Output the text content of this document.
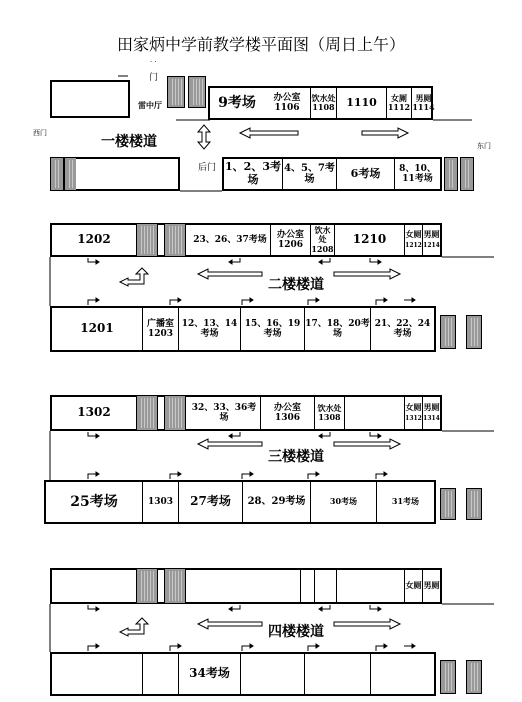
田家炳中学前教学楼平面图（周日上午）
· ·
门
雷中厅	9考场	办公室
1106
饮水处
1108	1110	女厕
1112
男厕
1114
西门
东门
一楼楼道
后门 1、2、3考场
4、5、7考场	6考场	8、10、11考场
1202	23、26、37考场
办公室
1206
饮水处
1208
1210	女厕
1212
男厕
1214
二楼楼道
1201	广播室
1203
12、13、14考场
15、16、19考场
17、18、20考场
21、22、24考场
1302	32、33、36考场
办公室
1306
饮水处
1308
女厕
1312
男厕
1314
三楼楼道
25考场	1303	27考场	28、29考场	30考场	31考场
女厕 男厕
四楼楼道
34考场
